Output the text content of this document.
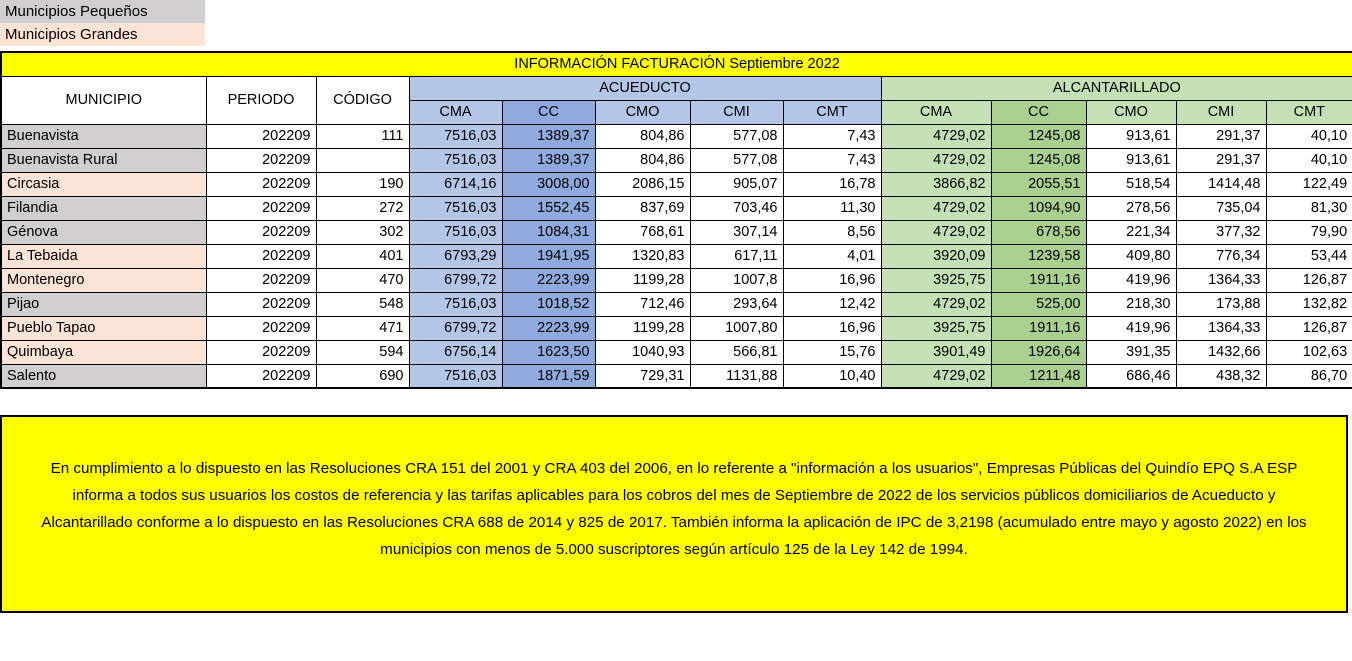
Municipios Pequeños
Municipios Grandes
INFORMACIÓN FACTURACIÓN Septiembre 2022												
MUNICIPIO	PERIODO	CÓDIGO	ACUEDUCTO					ALCANTARILLADO				
			CMA	CC	CMO	CMI	CMT	CMA	CC	CMO	CMI	CMT
Buenavista	202209	111	7516,03	1389,37	804,86	577,08	7,43	4729,02	1245,08	913,61	291,37	40,10
Buenavista Rural	202209		7516,03	1389,37	804,86	577,08	7,43	4729,02	1245,08	913,61	291,37	40,10
Circasia	202209	190	6714,16	3008,00	2086,15	905,07	16,78	3866,82	2055,51	518,54	1414,48	122,49
Filandia	202209	272	7516,03	1552,45	837,69	703,46	11,30	4729,02	1094,90	278,56	735,04	81,30
Génova	202209	302	7516,03	1084,31	768,61	307,14	8,56	4729,02	678,56	221,34	377,32	79,90
La Tebaida	202209	401	6793,29	1941,95	1320,83	617,11	4,01	3920,09	1239,58	409,80	776,34	53,44
Montenegro	202209	470	6799,72	2223,99	1199,28	1007,8	16,96	3925,75	1911,16	419,96	1364,33	126,87
Pijao	202209	548	7516,03	1018,52	712,46	293,64	12,42	4729,02	525,00	218,30	173,88	132,82
Pueblo Tapao	202209	471	6799,72	2223,99	1199,28	1007,80	16,96	3925,75	1911,16	419,96	1364,33	126,87
Quimbaya	202209	594	6756,14	1623,50	1040,93	566,81	15,76	3901,49	1926,64	391,35	1432,66	102,63
Salento	202209	690	7516,03	1871,59	729,31	1131,88	10,40	4729,02	1211,48	686,46	438,32	86,70
En cumplimiento a lo dispuesto en las Resoluciones CRA 151 del 2001 y CRA 403 del 2006, en lo referente a "información a los usuarios", Empresas Públicas del Quindío EPQ S.A ESP informa a todos sus usuarios los costos de referencia y las tarifas aplicables para los cobros del mes de Septiembre de 2022 de los servicios públicos domiciliarios de Acueducto y Alcantarillado conforme a lo dispuesto en las Resoluciones CRA 688 de 2014 y 825 de 2017. También informa la aplicación de IPC de 3,2198 (acumulado entre mayo y agosto 2022) en los municipios con menos de 5.000 suscriptores según artículo 125 de la Ley 142 de 1994.
